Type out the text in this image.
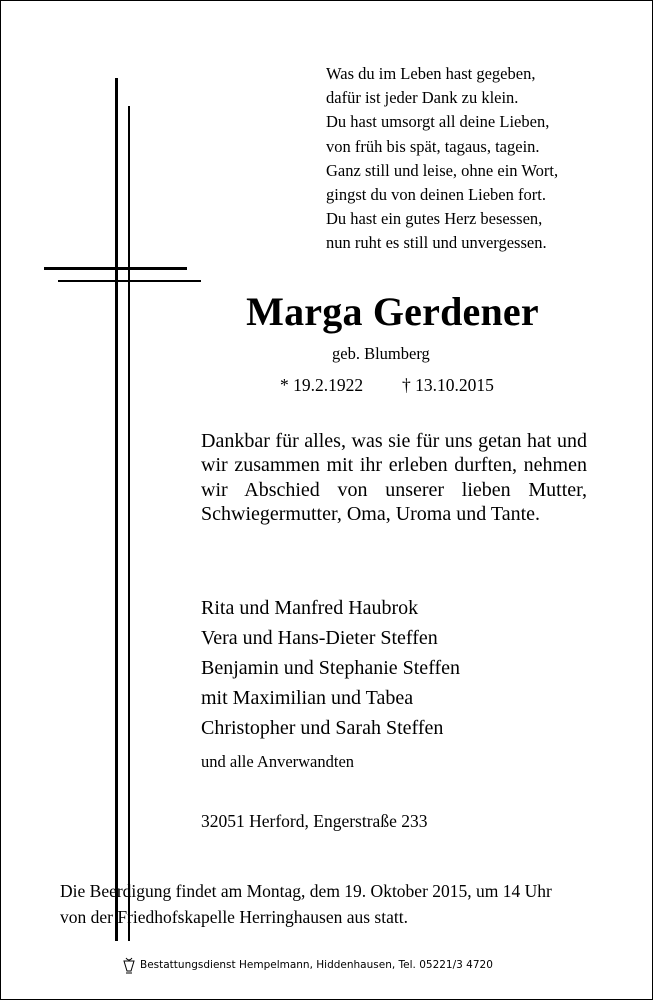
Was du im Leben hast gegeben,
dafür ist jeder Dank zu klein.
Du hast umsorgt all deine Lieben,
von früh bis spät, tagaus, tagein.
Ganz still und leise, ohne ein Wort,
gingst du von deinen Lieben fort.
Du hast ein gutes Herz besessen,
nun ruht es still und unvergessen.
Marga Gerdener
geb. Blumberg
* 19.2.1922 † 13.10.2015
Dankbar für alles, was sie für uns getan hat und wir zusammen mit ihr erleben durften, nehmen wir Abschied von unserer lieben Mutter, Schwiegermutter, Oma, Uroma und Tante.
Rita und Manfred Haubrok
Vera und Hans-Dieter Steffen
Benjamin und Stephanie Steffen
mit Maximilian und Tabea
Christopher und Sarah Steffen
und alle Anverwandten
32051 Herford, Engerstraße 233
Die Beerdigung findet am Montag, dem 19. Oktober 2015, um 14 Uhr
von der Friedhofskapelle Herringhausen aus statt.
Bestattungsdienst Hempelmann, Hiddenhausen, Tel. 05221/3 4720
